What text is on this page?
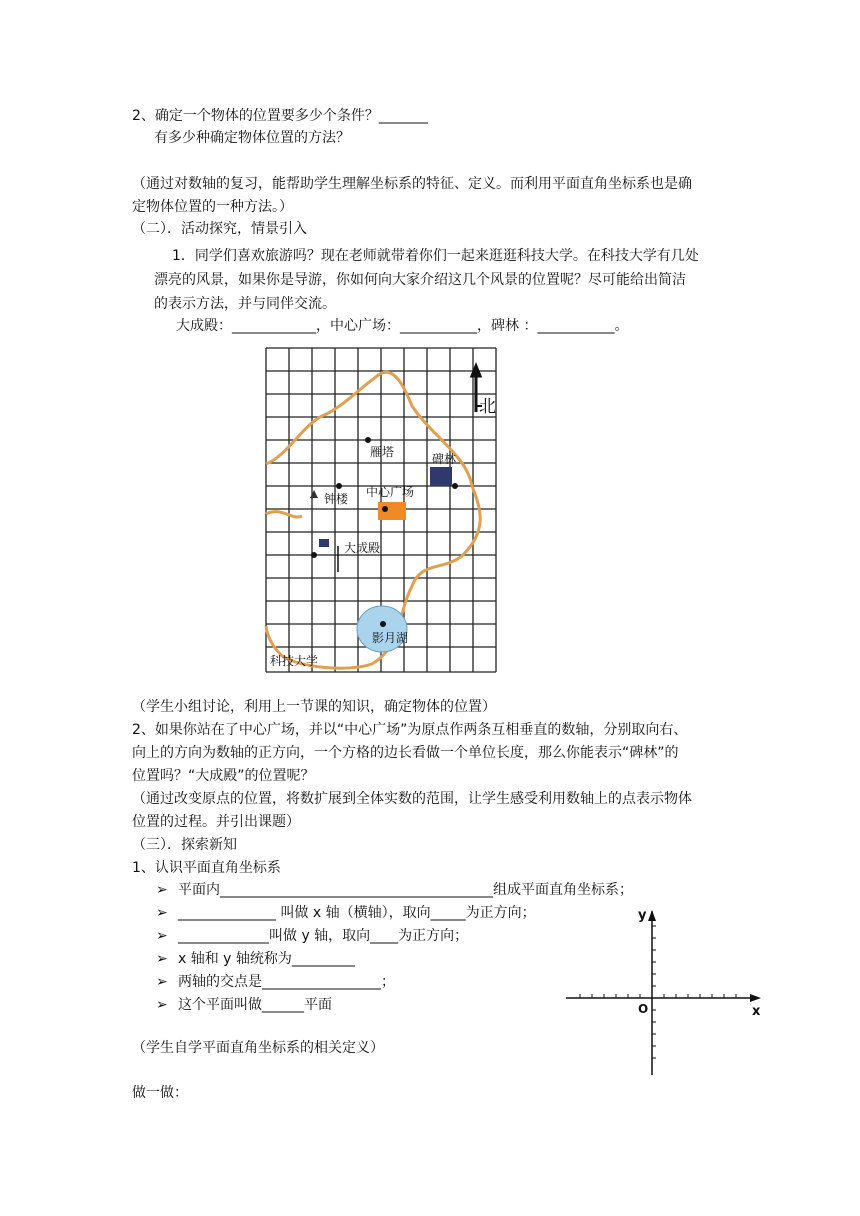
2、确定一个物体的位置要多少个条件？_______
有多少种确定物体位置的方法？
（通过对数轴的复习，能帮助学生理解坐标系的特征、定义。而利用平面直角坐标系也是确
定物体位置的一种方法。）
（二）．活动探究，情景引入
1．同学们喜欢旅游吗？现在老师就带着你们一起来逛逛科技大学。在科技大学有几处
漂亮的风景，如果你是导游，你如何向大家介绍这几个风景的位置呢？尽可能给出简洁
的表示方法，并与同伴交流。
大成殿：____________，中心广场：___________，碑林 ：___________。
北
雁塔	碑林
钟楼 中心广场
大成殿
影月湖
科技大学
（学生小组讨论，利用上一节课的知识，确定物体的位置）
2、如果你站在了中心广场，并以“中心广场”为原点作两条互相垂直的数轴，分别取向右、
向上的方向为数轴的正方向，一个方格的边长看做一个单位长度，那么你能表示“碑林”的
位置吗？“大成殿”的位置呢？
（通过改变原点的位置，将数扩展到全体实数的范围，让学生感受利用数轴上的点表示物体
位置的过程。并引出课题）
（三）．探索新知
1、认识平面直角坐标系
➢ 平面内_______________________________________组成平面直角坐标系；
➢ ______________ 叫做 x 轴（横轴），取向_____为正方向；
➢ _____________叫做 y 轴，取向____为正方向；
➢ x 轴和 y 轴统称为_________
➢ 两轴的交点是_________________；
➢ 这个平面叫做______平面
y
x
O
（学生自学平面直角坐标系的相关定义）
做一做：
